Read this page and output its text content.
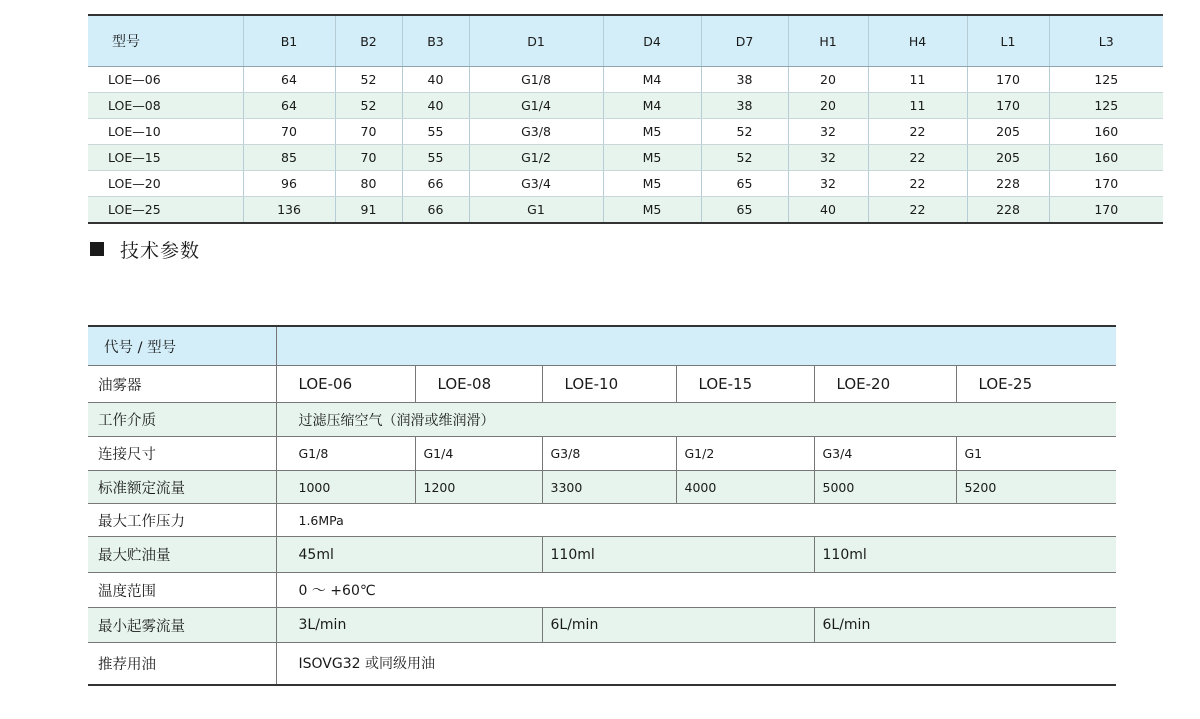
型号	B1	B2	B3	D1	D4	D7	H1	H4	L1	L3
LOE—06	64	52	40	G1/8	M4	38	20	11	170	125
LOE—08	64	52	40	G1/4	M4	38	20	11	170	125
LOE—10	70	70	55	G3/8	M5	52	32	22	205	160
LOE—15	85	70	55	G1/2	M5	52	32	22	205	160
LOE—20	96	80	66	G3/4	M5	65	32	22	228	170
LOE—25	136	91	66	G1	M5	65	40	22	228	170
技术参数
代号 / 型号						
油雾器	LOE-06	LOE-08	LOE-10	LOE-15	LOE-20	LOE-25
工作介质	过滤压缩空气（润滑或维润滑）					
连接尺寸	G1/8	G1/4	G3/8	G1/2	G3/4	G1
标准额定流量	1000	1200	3300	4000	5000	5200
最大工作压力	1.6MPa					
最大贮油量	45ml		110ml		110ml	
温度范围	0 ～ +60℃					
最小起雾流量	3L/min		6L/min		6L/min	
推荐用油	ISOVG32 或同级用油					
